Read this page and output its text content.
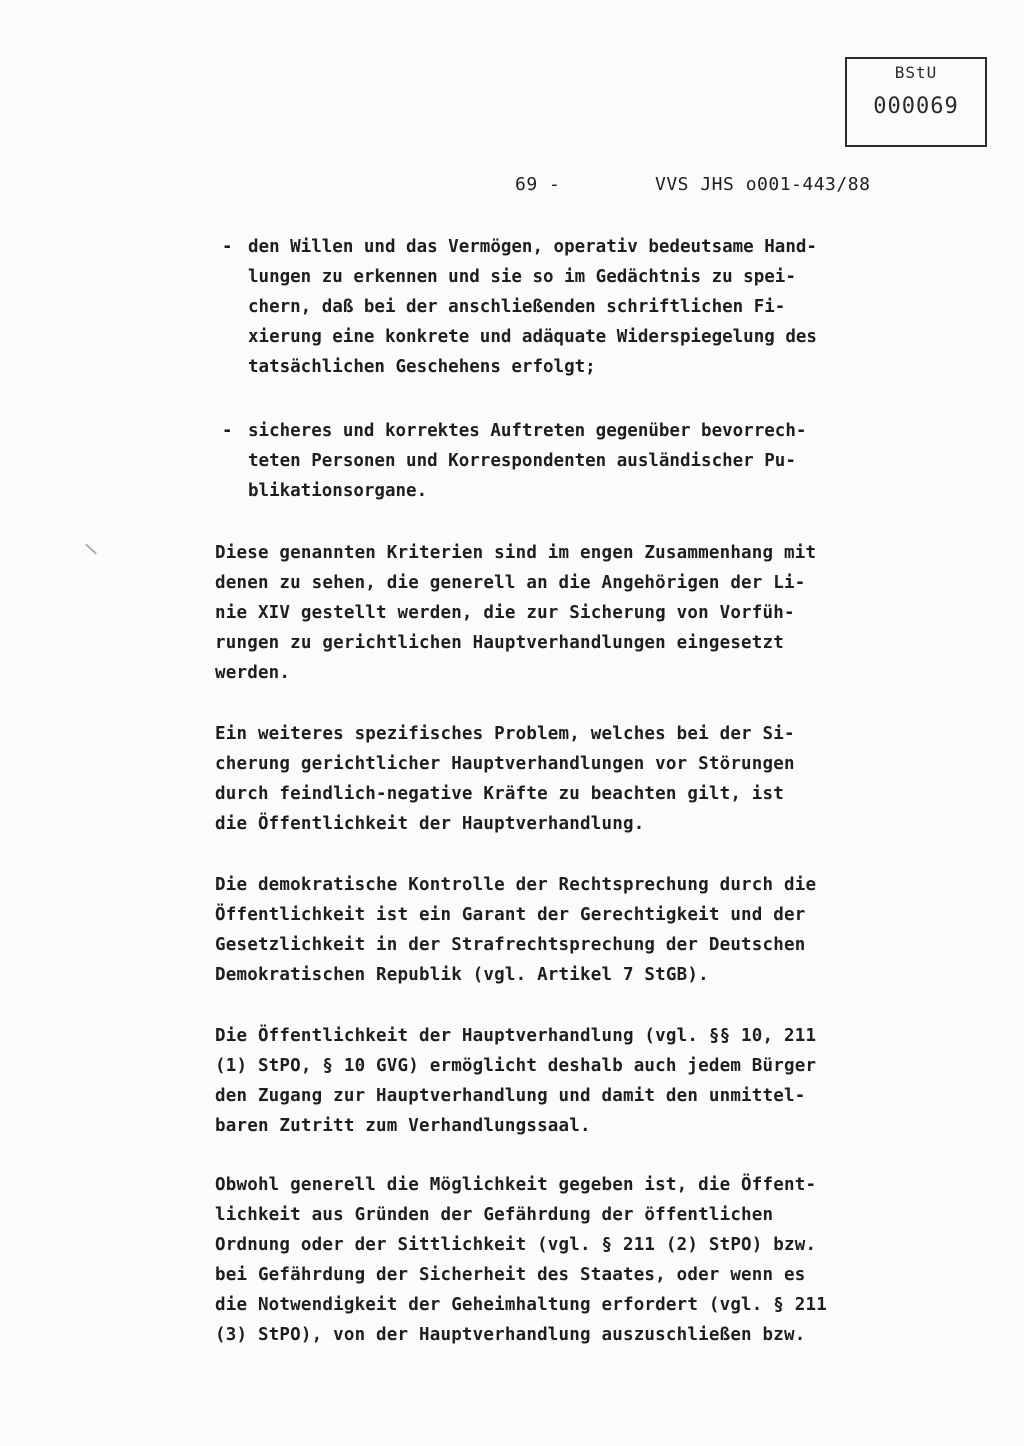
BStU
000069

69 -

	VVS JHS o001-443/88

- den Willen und das Vermögen, operativ bedeutsame Hand-
lungen zu erkennen und sie so im Gedächtnis zu spei-
chern, daß bei der anschließenden schriftlichen Fi-
xierung eine konkrete und adäquate Widerspiegelung des
tatsächlichen Geschehens erfolgt;
- sicheres und korrektes Auftreten gegenüber bevorrech-
teten Personen und Korrespondenten ausländischer Pu-
blikationsorgane.
Diese genannten Kriterien sind im engen Zusammenhang mit
denen zu sehen, die generell an die Angehörigen der Li-
nie XIV gestellt werden, die zur Sicherung von Vorfüh-
rungen zu gerichtlichen Hauptverhandlungen eingesetzt
werden.
Ein weiteres spezifisches Problem, welches bei der Si-
cherung gerichtlicher Hauptverhandlungen vor Störungen
durch feindlich-negative Kräfte zu beachten gilt, ist
die Öffentlichkeit der Hauptverhandlung.
Die demokratische Kontrolle der Rechtsprechung durch die
Öffentlichkeit ist ein Garant der Gerechtigkeit und der
Gesetzlichkeit in der Strafrechtsprechung der Deutschen
Demokratischen Republik (vgl. Artikel 7 StGB).
Die Öffentlichkeit der Hauptverhandlung (vgl. §§ 10, 211
(1) StPO, § 10 GVG) ermöglicht deshalb auch jedem Bürger
den Zugang zur Hauptverhandlung und damit den unmittel-
baren Zutritt zum Verhandlungssaal.
Obwohl generell die Möglichkeit gegeben ist, die Öffent-
lichkeit aus Gründen der Gefährdung der öffentlichen
Ordnung oder der Sittlichkeit (vgl. § 211 (2) StPO) bzw.
bei Gefährdung der Sicherheit des Staates, oder wenn es
die Notwendigkeit der Geheimhaltung erfordert (vgl. § 211
(3) StPO), von der Hauptverhandlung auszuschließen bzw.
